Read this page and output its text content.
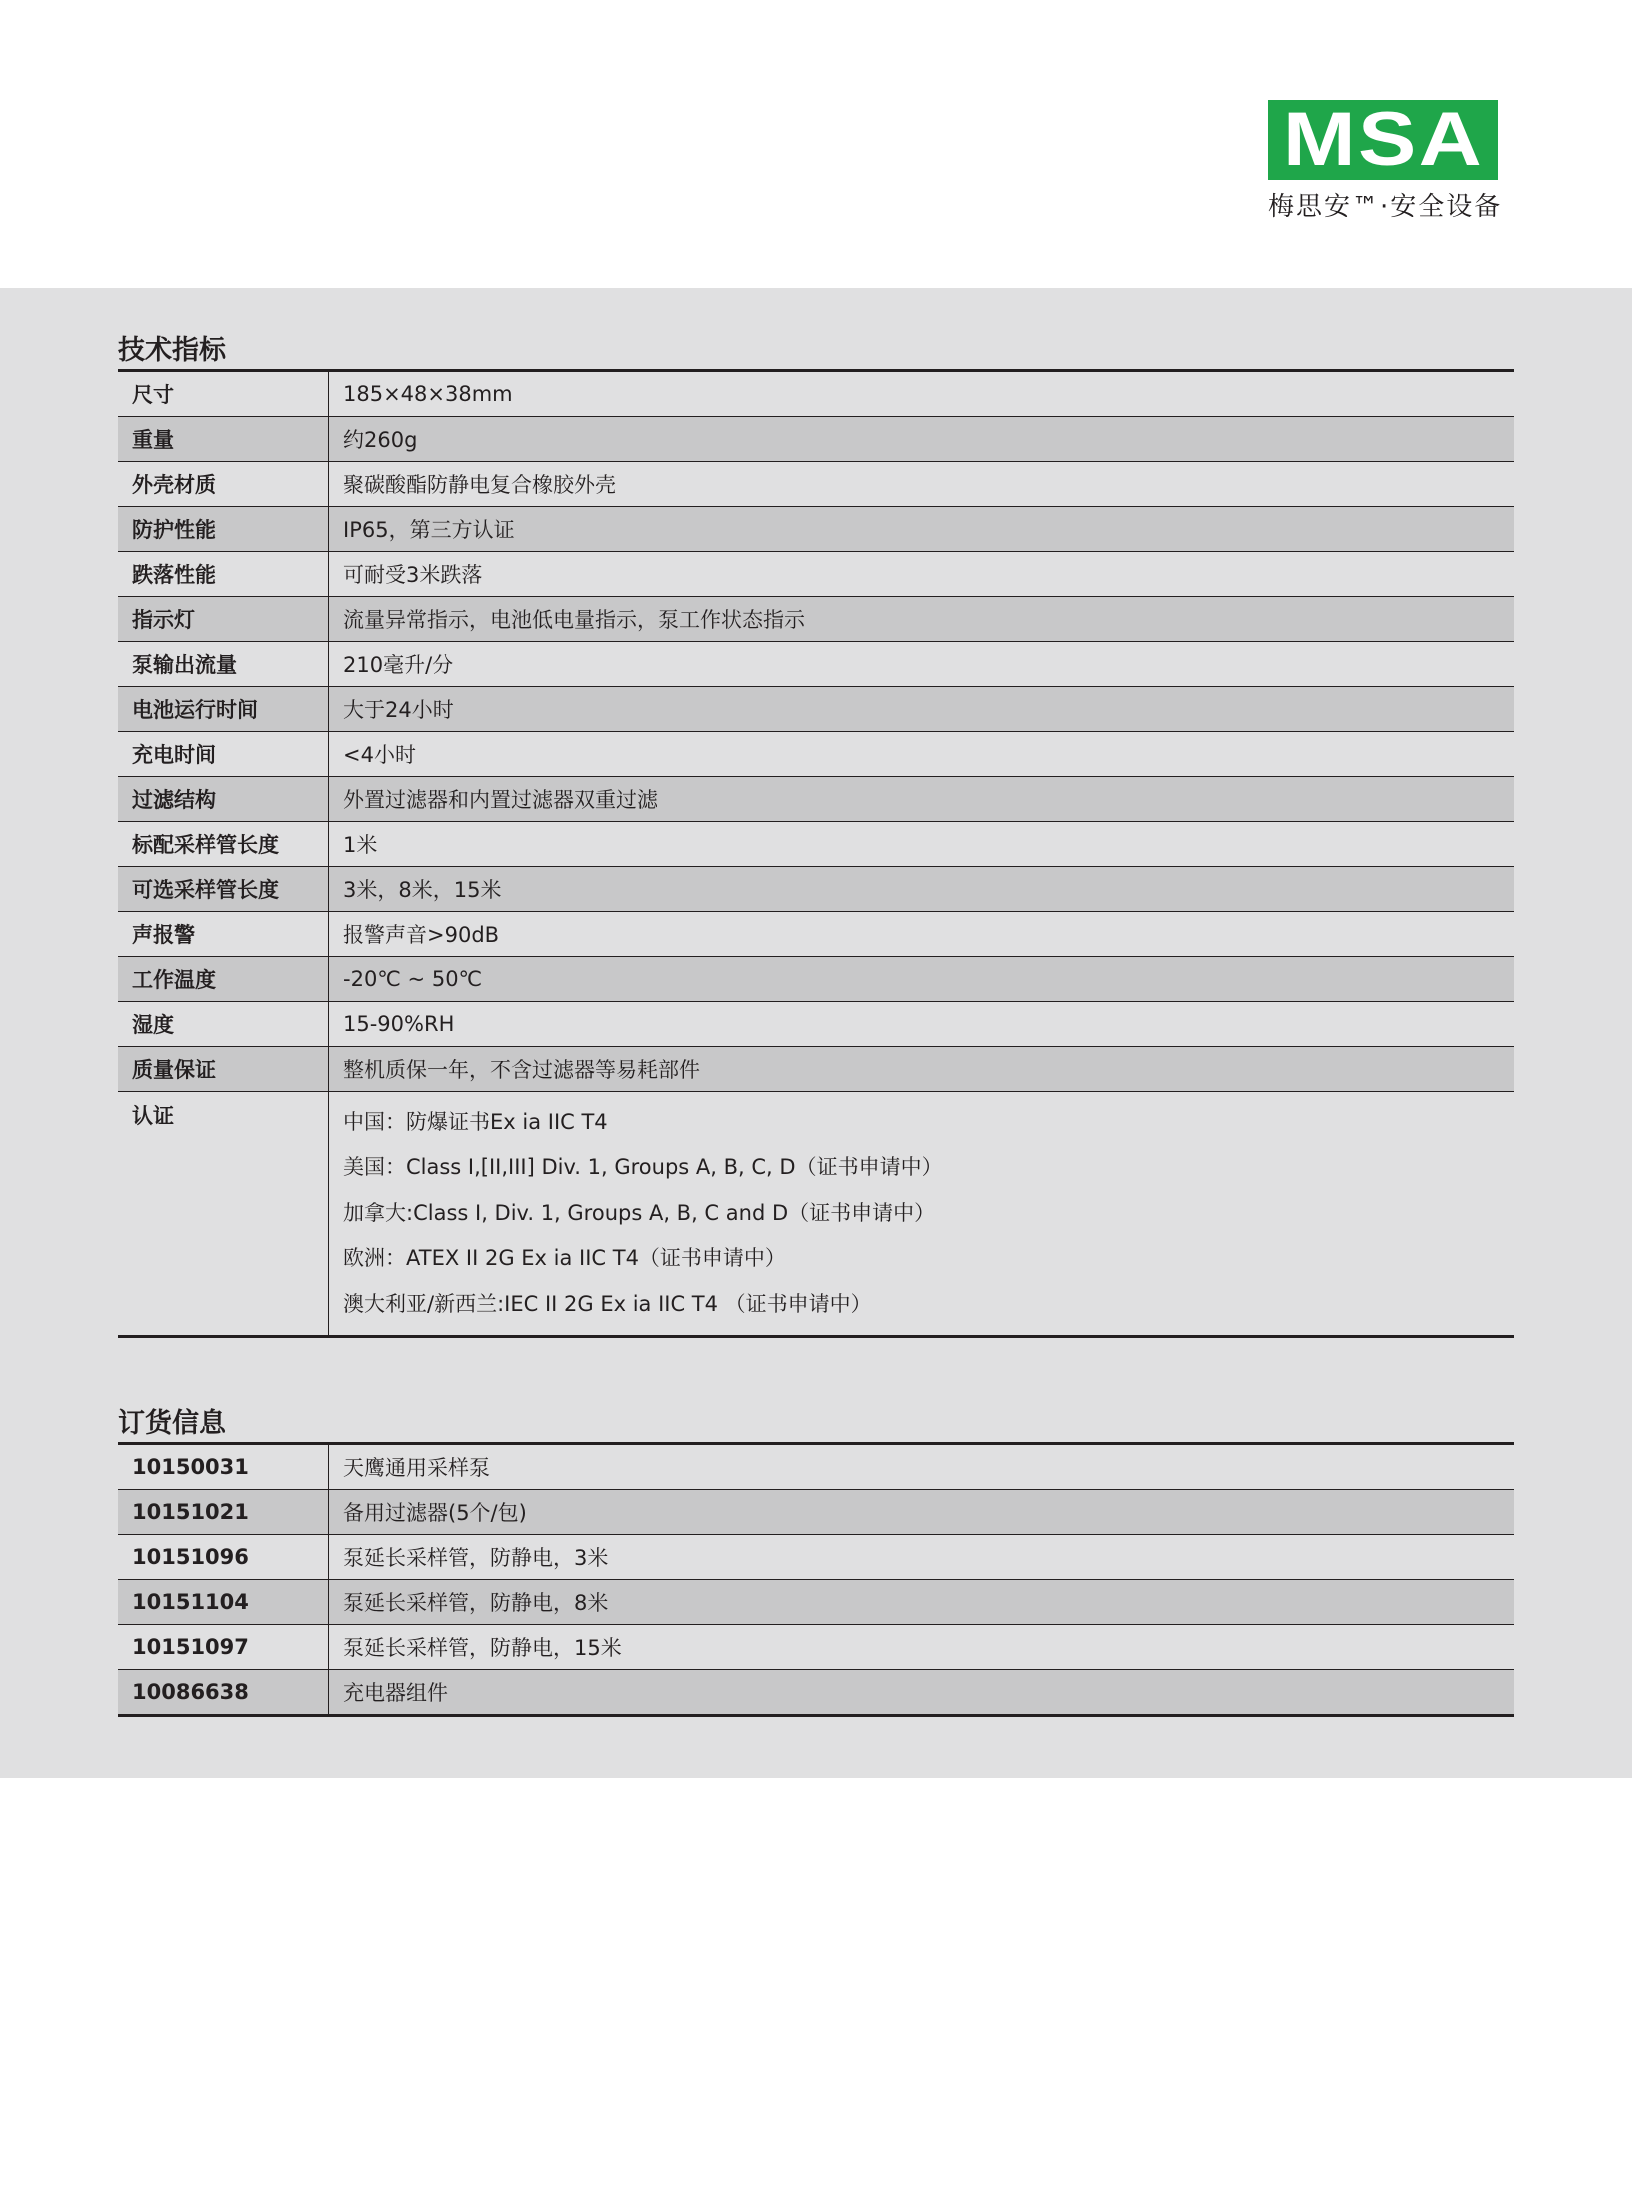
MSA
梅思安™·安全设备
技术指标
尺寸	185×48×38mm
重量	约260g
外壳材质	聚碳酸酯防静电复合橡胶外壳
防护性能	IP65，第三方认证
跌落性能	可耐受3米跌落
指示灯	流量异常指示，电池低电量指示，泵工作状态指示
泵输出流量	210毫升/分
电池运行时间	大于24小时
充电时间	<4小时
过滤结构	外置过滤器和内置过滤器双重过滤
标配采样管长度	1米
可选采样管长度	3米，8米，15米
声报警	报警声音>90dB
工作温度	-20℃ ~ 50℃
湿度	15-90%RH
质量保证	整机质保一年，不含过滤器等易耗部件
认证	中国：防爆证书Ex ia IIC T4
美国：Class I,[II,III] Div. 1, Groups A, B, C, D（证书申请中）
加拿大:Class I, Div. 1, Groups A, B, C and D（证书申请中）
欧洲：ATEX II 2G Ex ia IIC T4（证书申请中）
澳大利亚/新西兰:IEC II 2G Ex ia IIC T4 （证书申请中）
订货信息
10150031	天鹰通用采样泵
10151021	备用过滤器(5个/包)
10151096	泵延长采样管，防静电，3米
10151104	泵延长采样管，防静电，8米
10151097	泵延长采样管，防静电，15米
10086638	充电器组件
